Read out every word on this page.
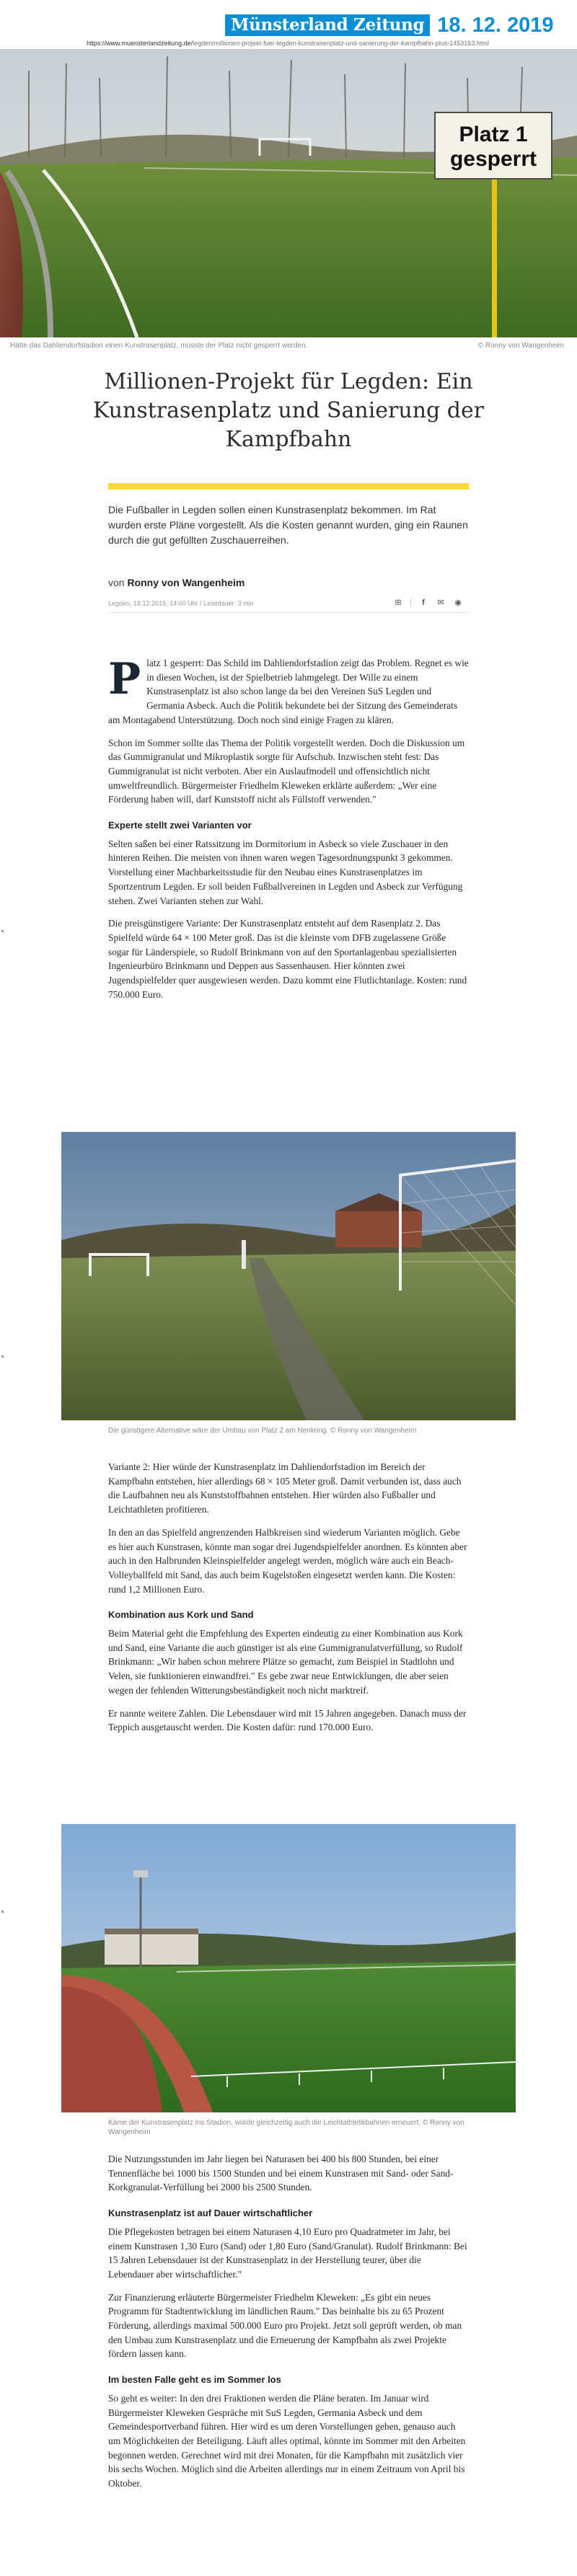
Münsterland Zeitung 18. 12. 2019
https://www.muensterlandzeitung.de/legden/millionen-projekt-fuer-legden-kunstrasenplatz-und-sanierung-der-kampfbahn-plus-1453163.html
Platz 1
gesperrt
Hätte das Dahliendorfstadion einen Kunstrasenplatz, müsste der Platz nicht gesperrt werden.	© Ronny von Wangenheim
Millionen-Projekt für Legden: Ein Kunstrasenplatz und Sanierung der Kampfbahn

Die Fußballer in Legden sollen einen Kunstrasenplatz bekommen. Im Rat wurden erste Pläne vorgestellt. Als die Kosten genannt wurden, ging ein Raunen durch die gut gefüllten Zuschauerreihen.

von Ronny von Wangenheim
Legden, 18.12.2019, 14:00 Uhr / Lesedauer: 3 min	⊞	f	✉ ◉

Platz 1 gesperrt: Das Schild im Dahliendorfstadion zeigt das Problem. Regnet es wie in diesen Wochen, ist der Spielbetrieb lahmgelegt. Der Wille zu einem Kunstrasenplatz ist also schon lange da bei den Vereinen SuS Legden und Germania Asbeck. Auch die Politik bekundete bei der Sitzung des Gemeinderats am Montagabend Unterstützung. Doch noch sind einige Fragen zu klären.

Schon im Sommer sollte das Thema der Politik vorgestellt werden. Doch die Diskussion um das Gummigranulat und Mikroplastik sorgte für Aufschub. Inzwischen steht fest: Das Gummigranulat ist nicht verboten. Aber ein Auslaufmodell und offensichtlich nicht umweltfreundlich. Bürgermeister Friedhelm Kleweken erklärte außerdem: „Wer eine Förderung haben will, darf Kunststoff nicht als Füllstoff verwenden."

Experte stellt zwei Varianten vor

Selten saßen bei einer Ratssitzung im Dormitorium in Asbeck so viele Zuschauer in den hinteren Reihen. Die meisten von ihnen waren wegen Tagesordnungspunkt 3 gekommen. Vorstellung einer Machbarkeitsstudie für den Neubau eines Kunstrasenplatzes im Sportzentrum Legden. Er soll beiden Fußballvereinen in Legden und Asbeck zur Verfügung stehen. Zwei Varianten stehen zur Wahl.

Die preisgünstigere Variante: Der Kunstrasenplatz entsteht auf dem Rasenplatz 2. Das Spielfeld würde 64 × 100 Meter groß. Das ist die kleinste vom DFB zugelassene Größe sogar für Länderspiele, so Rudolf Brinkmann von auf den Sportanlagenbau spezialisierten Ingenieurbüro Brinkmann und Deppen aus Sassenhausen. Hier könnten zwei Jugendspielfelder quer ausgewiesen werden. Dazu kommt eine Flutlichtanlage. Kosten: rund 750.000 Euro.

Die günstigere Alternative wäre der Umbau von Platz 2 am Nenkring. © Ronny von Wangenheim

Variante 2: Hier würde der Kunstrasenplatz im Dahliendorfstadion im Bereich der Kampfbahn entstehen, hier allerdings 68 × 105 Meter groß. Damit verbunden ist, dass auch die Laufbahnen neu als Kunststoffbahnen entstehen. Hier würden also Fußballer und Leichtathleten profitieren.

In den an das Spielfeld angrenzenden Halbkreisen sind wiederum Varianten möglich. Gebe es hier auch Kunstrasen, könnte man sogar drei Jugendspielfelder anordnen. Es könnten aber auch in den Halbrunden Kleinspielfelder angelegt werden, möglich wäre auch ein Beach-Volleyballfeld mit Sand, das auch beim Kugelstoßen eingesetzt werden kann. Die Kosten: rund 1,2 Millionen Euro.

Kombination aus Kork und Sand

Beim Material geht die Empfehlung des Experten eindeutig zu einer Kombination aus Kork und Sand, eine Variante die auch günstiger ist als eine Gummigranulatverfüllung, so Rudolf Brinkmann: „Wir haben schon mehrere Plätze so gemacht, zum Beispiel in Stadtlohn und Velen, sie funktionieren einwandfrei." Es gebe zwar neue Entwicklungen, die aber seien wegen der fehlenden Witterungsbeständigkeit noch nicht marktreif.

Er nannte weitere Zahlen. Die Lebensdauer wird mit 15 Jahren angegeben. Danach muss der Teppich ausgetauscht werden. Die Kosten dafür: rund 170.000 Euro.

Käme der Kunstrasenplatz ins Stadion, würde gleichzeitig auch die Leichtathletikbahnen erneuert. © Ronny von Wangenheim

Die Nutzungsstunden im Jahr liegen bei Naturasen bei 400 bis 800 Stunden, bei einer Tennenfläche bei 1000 bis 1500 Stunden und bei einem Kunstrasen mit Sand- oder Sand-Korkgranulat-Verfüllung bei 2000 bis 2500 Stunden.

Kunstrasenplatz ist auf Dauer wirtschaftlicher

Die Pflegekosten betragen bei einem Naturasen 4,10 Euro pro Quadratmeter im Jahr, bei einem Kunstrasen 1,30 Euro (Sand) oder 1,80 Euro (Sand/Granulat). Rudolf Brinkmann: Bei 15 Jahren Lebensdauer ist der Kunstrasenplatz in der Herstellung teurer, über die Lebendauer aber wirtschaftlicher."

Zur Finanzierung erläuterte Bürgermeister Friedhelm Kleweken: „Es gibt ein neues Programm für Stadtentwicklung im ländlichen Raum." Das beinhalte bis zu 65 Prozent Förderung, allerdings maximal 500.000 Euro pro Projekt. Jetzt soll geprüft werden, ob man den Umbau zum Kunstrasenplatz und die Erneuerung der Kampfbahn als zwei Projekte fördern lassen kann.

Im besten Falle geht es im Sommer los

So geht es weiter: In den drei Fraktionen werden die Pläne beraten. Im Januar wird Bürgermeister Kleweken Gespräche mit SuS Legden, Germania Asbeck und dem Gemeindesportverband führen. Hier wird es um deren Vorstellungen gehen, genauso auch um Möglichkeiten der Beteiligung. Läuft alles optimal, könnte im Sommer mit den Arbeiten begonnen werden. Gerechnet wird mit drei Monaten, für die Kampfbahn mit zusätzlich vier bis sechs Wochen. Möglich sind die Arbeiten allerdings nur in einem Zeitraum von April bis Oktober.
